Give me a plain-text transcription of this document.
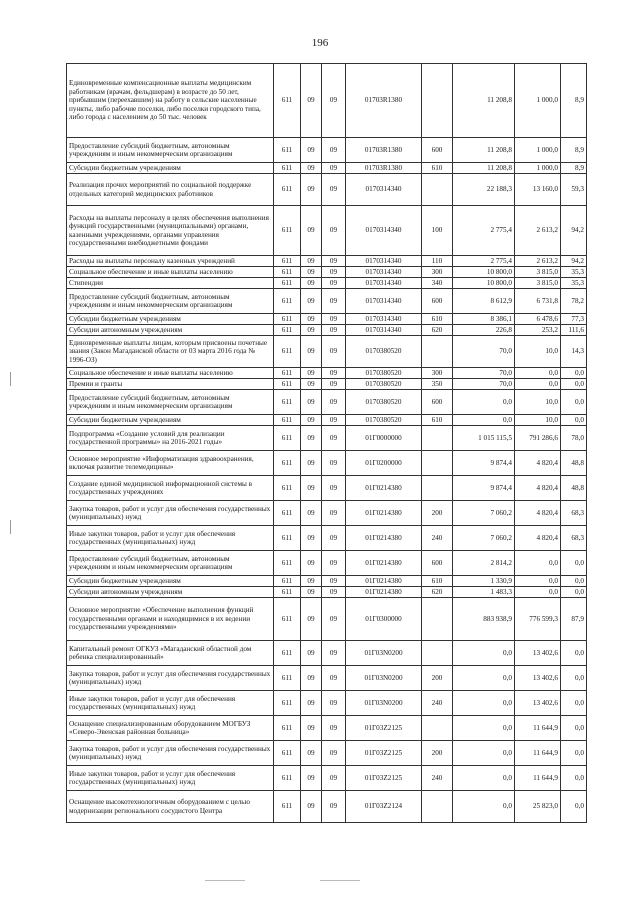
196
Единовременные компенсационные выплаты медицинским работникам (врачам, фельдшерам) в возрасте до 50 лет, прибывшим (переехавшим) на работу в сельские населенные пункты, либо рабочие поселки, либо поселки городского типа, либо города с населением до 50 тыс. человек	611	09	09	01703R1380		11 208,8	1 000,0	8,9
Предоставление субсидий бюджетным, автономным учреждениям и иным некоммерческим организациям	611	09	09	01703R1380	600	11 208,8	1 000,0	8,9
Субсидии бюджетным учреждениям	611	09	09	01703R1380	610	11 208,8	1 000,0	8,9
Реализация прочих мероприятий по социальной поддержке отдельных категорий медицинских работников	611	09	09	0170314340		22 188,3	13 160,0	59,3
Расходы на выплаты персоналу в целях обеспечения выполнения функций государственными (муниципальными) органами, казенными учреждениями, органами управления государственными внебюджетными фондами	611	09	09	0170314340	100	2 775,4	2 613,2	94,2
Расходы на выплаты персоналу казенных учреждений	611	09	09	0170314340	110	2 775,4	2 613,2	94,2
Социальное обеспечение и иные выплаты населению	611	09	09	0170314340	300	10 800,0	3 815,0	35,3
Стипендии	611	09	09	0170314340	340	10 800,0	3 815,0	35,3
Предоставление субсидий бюджетным, автономным учреждениям и иным некоммерческим организациям	611	09	09	0170314340	600	8 612,9	6 731,8	78,2
Субсидии бюджетным учреждениям	611	09	09	0170314340	610	8 386,1	6 478,6	77,3
Субсидии автономным учреждениям	611	09	09	0170314340	620	226,8	253,2	111,6
Единовременные выплаты лицам, которым присвоены почетные звания (Закон Магаданской области от 03 марта 2016 года № 1996-ОЗ)	611	09	09	0170380520		70,0	10,0	14,3
Социальное обеспечение и иные выплаты населению	611	09	09	0170380520	300	70,0	0,0	0,0
Премии и гранты	611	09	09	0170380520	350	70,0	0,0	0,0
Предоставление субсидий бюджетным, автономным учреждениям и иным некоммерческим организациям	611	09	09	0170380520	600	0,0	10,0	0,0
Субсидии бюджетным учреждениям	611	09	09	0170380520	610	0,0	10,0	0,0
Подпрограмма «Создание условий для реализации государственной программы» на 2016-2021 годы»	611	09	09	01Г0000000		1 015 115,5	791 286,6	78,0
Основное мероприятие «Информатизация здравоохранения, включая развитие телемедицины»	611	09	09	01Г0200000		9 874,4	4 820,4	48,8
Создание единой медицинской информационной системы в государственных учреждениях	611	09	09	01Г0214380		9 874,4	4 820,4	48,8
Закупка товаров, работ и услуг для обеспечения государственных (муниципальных) нужд	611	09	09	01Г0214380	200	7 060,2	4 820,4	68,3
Иные закупки товаров, работ и услуг для обеспечения государственных (муниципальных) нужд	611	09	09	01Г0214380	240	7 060,2	4 820,4	68,3
Предоставление субсидий бюджетным, автономным учреждениям и иным некоммерческим организациям	611	09	09	01Г0214380	600	2 814,2	0,0	0,0
Субсидии бюджетным учреждениям	611	09	09	01Г0214380	610	1 330,9	0,0	0,0
Субсидии автономным учреждениям	611	09	09	01Г0214380	620	1 483,3	0,0	0,0
Основное мероприятие «Обеспечение выполнения функций государственными органами и находящимися в их ведении государственными учреждениями»	611	09	09	01Г0300000		883 938,9	776 599,3	87,9
Капитальный ремонт ОГКУЗ «Магаданский областной дом ребенка специализированный»	611	09	09	01Г03N0200		0,0	13 402,6	0,0
Закупка товаров, работ и услуг для обеспечения государственных (муниципальных) нужд	611	09	09	01Г03N0200	200	0,0	13 402,6	0,0
Иные закупки товаров, работ и услуг для обеспечения государственных (муниципальных) нужд	611	09	09	01Г03N0200	240	0,0	13 402,6	0,0
Оснащение специализированным оборудованием МОГБУЗ «Северо-Эвенская районная больница»	611	09	09	01Г03Z2125		0,0	11 644,9	0,0
Закупка товаров, работ и услуг для обеспечения государственных (муниципальных) нужд	611	09	09	01Г03Z2125	200	0,0	11 644,9	0,0
Иные закупки товаров, работ и услуг для обеспечения государственных (муниципальных) нужд	611	09	09	01Г03Z2125	240	0,0	11 644,9	0,0
Оснащение высокотехнологичным оборудованием с целью модернизации регионального сосудистого Центра	611	09	09	01Г03Z2124		0,0	25 823,0	0,0
